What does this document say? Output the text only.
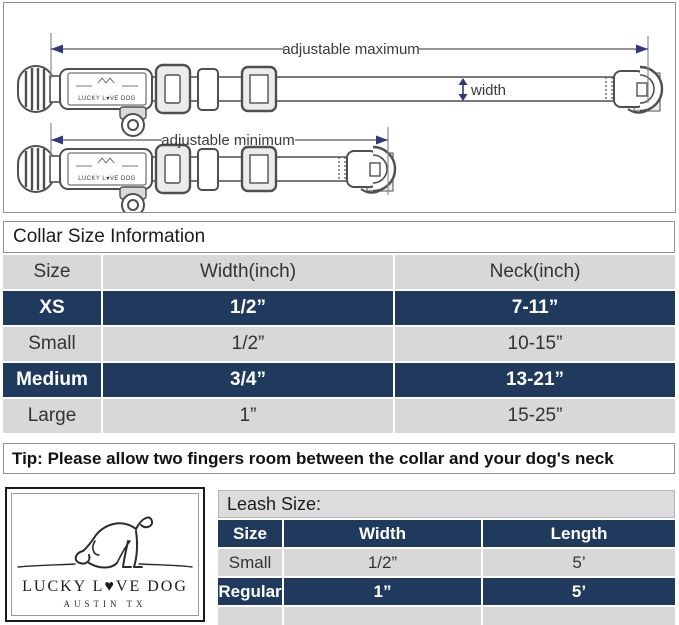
adjustable maximum
width
LUCKY L♥VE DOG
LUCKY L♥VE DOG
adjustable minimum
Collar Size Information
Size	Width(inch)	Neck(inch)
XS	1/2”	7-11”
Small	1/2”	10-15”
Medium	3/4”	13-21”
Large	1”	15-25”
Tip: Please allow two fingers room between the collar and your dog's neck
LUCKY L♥VE DOG
AUSTIN TX
Leash Size:
Size	Width	Length
Small	1/2”	5’
Regular	1”	5’
